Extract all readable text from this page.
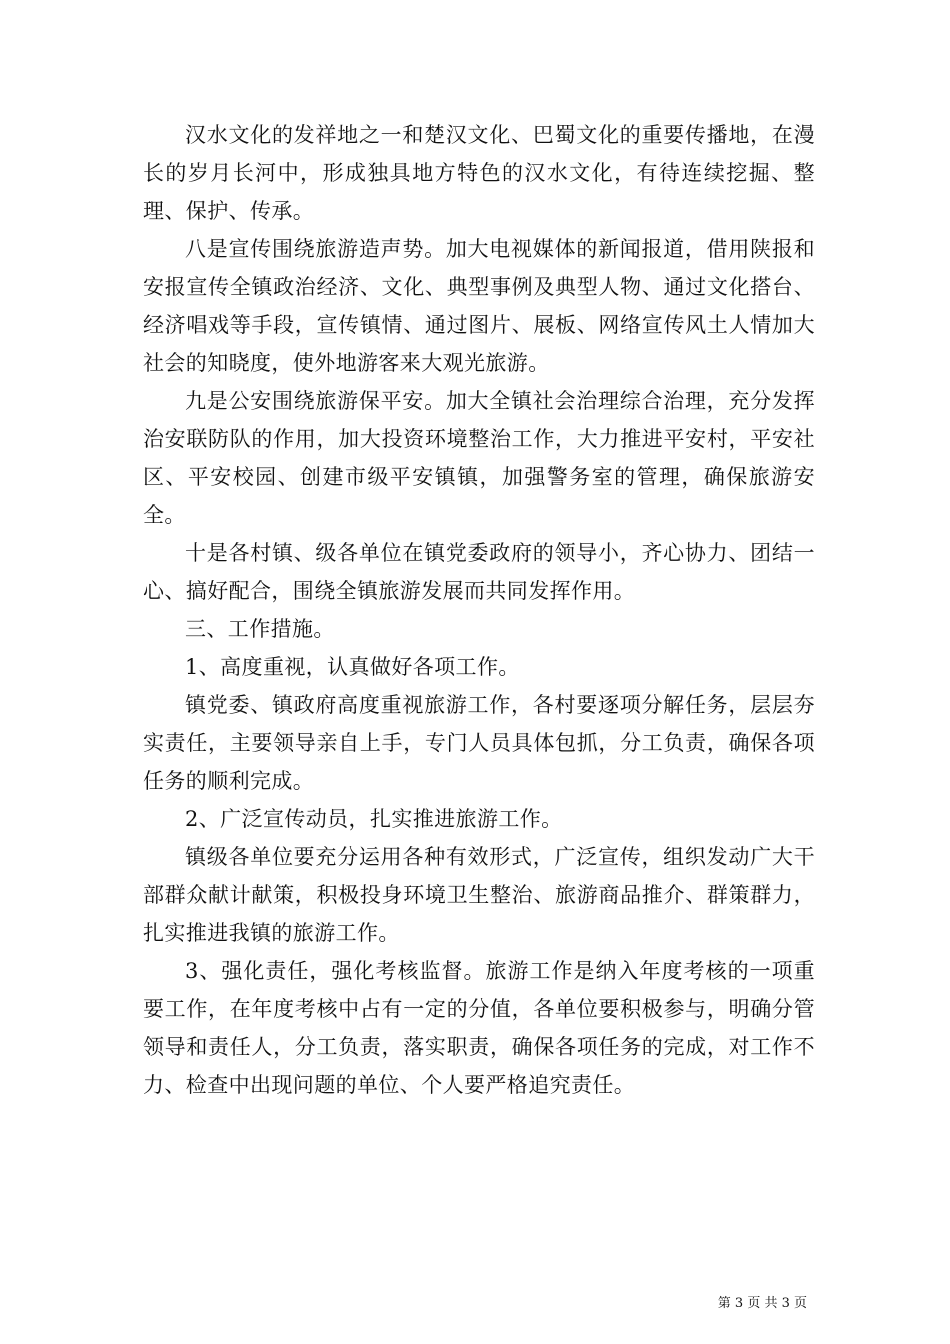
汉水文化的发祥地之一和楚汉文化、巴蜀文化的重要传播地，在漫长的岁月长河中，形成独具地方特色的汉水文化，有待连续挖掘、整理、保护、传承。

八是宣传围绕旅游造声势。加大电视媒体的新闻报道，借用陕报和安报宣传全镇政治经济、文化、典型事例及典型人物、通过文化搭台、经济唱戏等手段，宣传镇情、通过图片、展板、网络宣传风土人情加大社会的知晓度，使外地游客来大观光旅游。

九是公安围绕旅游保平安。加大全镇社会治理综合治理，充分发挥治安联防队的作用，加大投资环境整治工作，大力推进平安村，平安社区、平安校园、创建市级平安镇镇，加强警务室的管理，确保旅游安全。

十是各村镇、级各单位在镇党委政府的领导小，齐心协力、团结一心、搞好配合，围绕全镇旅游发展而共同发挥作用。

三、工作措施。

1、高度重视，认真做好各项工作。

镇党委、镇政府高度重视旅游工作，各村要逐项分解任务，层层夯实责任，主要领导亲自上手，专门人员具体包抓，分工负责，确保各项任务的顺利完成。

2、广泛宣传动员，扎实推进旅游工作。

镇级各单位要充分运用各种有效形式，广泛宣传，组织发动广大干部群众献计献策，积极投身环境卫生整治、旅游商品推介、群策群力，扎实推进我镇的旅游工作。

3、强化责任，强化考核监督。旅游工作是纳入年度考核的一项重要工作，在年度考核中占有一定的分值，各单位要积极参与，明确分管领导和责任人，分工负责，落实职责，确保各项任务的完成，对工作不力、检查中出现问题的单位、个人要严格追究责任。

第 3 页 共 3 页
